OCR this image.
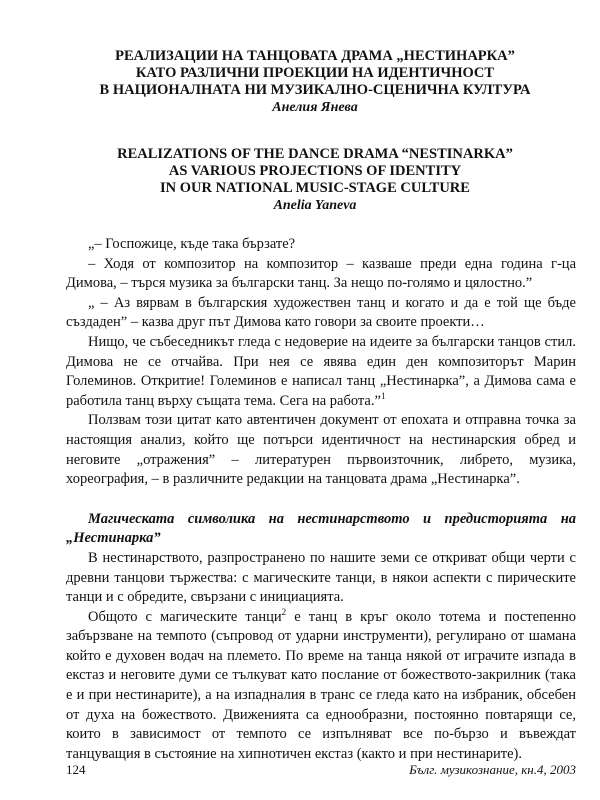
РЕАЛИЗАЦИИ НА ТАНЦОВАТА ДРАМА „НЕСТИНАРКА”
КАТО РАЗЛИЧНИ ПРОЕКЦИИ НА ИДЕНТИЧНОСТ
В НАЦИОНАЛНАТА НИ МУЗИКАЛНО-СЦЕНИЧНА КУЛТУРА
Анелия Янева
REALIZATIONS OF THE DANCE DRAMA “NESTINARKA”
AS VARIOUS PROJECTIONS OF IDENTITY
IN OUR NATIONAL MUSIC-STAGE CULTURE
Anelia Yaneva

„– Госпожице, къде така бързате?

– Ходя от композитор на композитор – казваше преди една година г-ца Димова, – търся музика за български танц. За нещо по-голямо и цялостно.”

„ – Аз вярвам в българския художествен танц и когато и да е той ще бъде създаден” – казва друг път Димова като говори за своите проекти…

Нищо, че събеседникът гледа с недоверие на идеите за български танцов стил. Димова не се отчайва. При нея се явява един ден композиторът Марин Големинов. Откритие! Големинов е написал танц „Нестинарка”, а Димова сама е работила танц върху същата тема. Сега на работа.”$^1$

Ползвам този цитат като автентичен документ от епохата и отправна точка за настоящия анализ, който ще потърси идентичност на нестинарския обред и неговите „отражения” – литературен първоизточник, либрето, музика, хореография, – в различните редакции на танцовата драма „Нестинарка”.

Магическата символика на нестинарството и предисторията на „Нестинарка”

В нестинарството, разпространено по нашите земи се откриват общи черти с древни танцови тържества: с магическите танци, в някои аспекти с пирическите танци и с обредите, свързани с инициацията.

Общото с магическите танци$^2$ е танц в кръг около тотема и постепенно забързване на темпото (съпровод от ударни инструменти), регулирано от шамана който е духовен водач на племето. По време на танца някой от играчите изпада в екстаз и неговите думи се тълкуват като послание от божеството-закрилник (така е и при нестинарите), а на изпадналия в транс се гледа като на избраник, обсебен от духа на божеството. Движенията са еднообразни, постоянно повтарящи се, които в зависимост от темпото се изпълняват все по-бързо и въвеждат танцуващия в състояние на хипнотичен екстаз (както и при нестинарите).

124	Бълг. музикознание, кн.4, 2003
